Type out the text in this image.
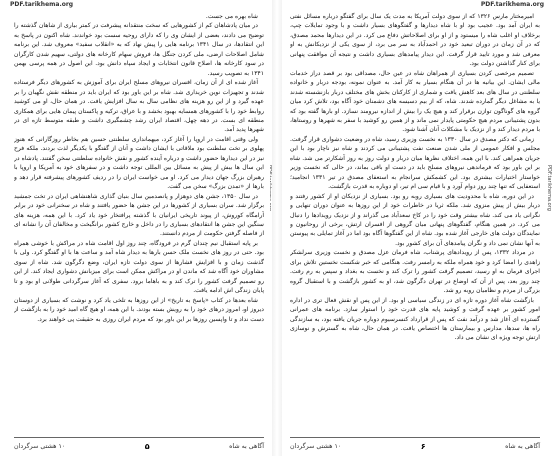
PDF.tarikhema.org

امیرمختار مارس ۱۳۲۶ که از سوی دولت آمریکا به مدت یک سال برای گفتگو درباره مسائل نفتی به ایران آمد بود. عجیب بود او با شاه دیدارها و گفتگوهای بسیار داشت و با وجود تمایلات چپ، برخلاف او اغلب شاه را میستود و از او برای اصلاحاتش دفاع می کرد. در این دیدارها محمد مصدق، که در آن زمان در دوران تبعید خود در احمدآباد به سر می برد، از سوی یکی از نزدیکانش به او معرفی شد و مورد تایید قرار گرفت. این دیدار پیامدهای بسیاری داشت و نتیجه آن موافقت پنهانی برای کنار گذاشتن دولت بود.

تصمیم مرخصی کردن بسیاری از همراهان شاه در عین حال، مصداقی بود بر قصد دراز خدمات مالی ایشان. این بیانیه ها در آن هنگام بسیار به کار آمد. به عنوان نمونه، بودجه دربار و خانواده سلطنتی در سال های بعد کاهش یافت و شماری از کارکنان بخش های مختلف دربار بازنشسته شدند یا به مشاغل دیگر گمارده شدند. شاه، که از بیم دسیسه های دشمنان خود آگاه بود، تلاش کرد میان گروه های گوناگون توازن برقرار کند و هیچ یک را بیش از اندازه نیرومند نسازد. او بارها گفته بود که بدون پشتیبانی مردم هیچ حکومتی پایدار نمی ماند و از همین رو کوشید با سفر به شهرها و روستاها، با مردم دیدار کند و از نزدیک با مشکلات آنان آشنا شود.

زمانی که دکتر مصدق در سال ۱۳۳۰ به نخست وزیری رسید، شاه در وضعیت دشواری قرار گرفت. مجلس و افکار عمومی از ملی شدن صنعت نفت پشتیبانی می کردند و شاه نیز ناچار بود با این جریان همراهی کند. با این همه، اختلاف نظرها میان دربار و دولت روز به روز آشکارتر می شد. شاه بر این باور بود که فرماندهی نیروهای مسلح باید در دست او باقی بماند، در حالی که نخست وزیر خواستار اختیارات بیشتری بود. این کشمکش سرانجام به استعفای مصدق در تیر ۱۳۳۱ انجامید؛ استعفایی که تنها چند روز دوام آورد و با قیام سی ام تیر، او دوباره به قدرت بازگشت.

در این دوره، شاه با محدودیت های بسیاری روبه رو بود. بسیاری از نزدیکان او از کشور رفتند و دربار بیش از پیش منزوی شد. ملکه ثریا در خاطرات خود از این روزها به عنوان دوران تنهایی و نگرانی یاد می کند. شاه بیشتر وقت خود را در کاخ سعدآباد می گذراند و از نزدیک رویدادها را دنبال می کرد. در همین هنگام، گفتگوهای پنهانی میان گروهی از افسران ارتش، برخی از روحانیون و نمایندگان دولت های خارجی آغاز شده بود. شاه از این گفتگوها آگاه بود اما در آغاز تمایلی به پیوستن به آنها نشان نمی داد و نگران پیامدهای آن برای کشور بود.

در مرداد ۱۳۳۲، پس از رویدادهای پرشتاب، شاه فرمان عزل مصدق و نخست وزیری سرلشکر زاهدی را امضا کرد و خود همراه ملکه به رامسر رفت. هنگامی که خبر شکست نخستین تلاش برای اجرای فرمان به او رسید، تصمیم گرفت کشور را ترک کند و نخست به بغداد و سپس به رم رفت. چند روز بعد، پس از آن که اوضاع در تهران دگرگون شد، او به کشور بازگشت و با استقبال گروه بزرگی از مردم و نظامیان روبه رو شد.

بازگشت شاه آغاز دوره تازه ای در زندگی سیاسی او بود. از این پس او نقش فعال تری در اداره امور کشور بر عهده گرفت و کوشید پایه های قدرت خود را استوار سازد. برنامه های عمرانی گسترده ای آغاز شد و درآمد نفت که پس از قرارداد کنسرسیوم دوباره جریان یافته بود، به سازندگی راه ها، سدها، مدارس و بیمارستان ها اختصاص یافت. در همان حال، شاه به گسترش و نوسازی ارتش توجه ویژه ای نشان می داد.

آگاهی به شاه
۶
۱۰ هشتی سرگردان
PDF.tarikhema.org

شاه بهره می جست.

در میان پادشاهان کم از کشورهایی که سخت منتقدانه پیشرفت در کمتر بیاری از شاهان گذشته را توضیح می دادند، بعضی از ایشان وی را که دارای روحیه سست بود خواندند. شاه اکنون در پاسخ به این انتقادها، در سال ۱۳۴۱ برنامه هایی را پیش نهاد که به «انقلاب سفید» معروف شد. این برنامه شامل اصلاحات ارضی، ملی کردن جنگل ها، فروش سهام کارخانه های دولتی، سهیم شدن کارگران در سود کارخانه ها، اصلاح قانون انتخابات و ایجاد سپاه دانش بود. این اصول در همه پرسی بهمن ۱۳۴۱ به تصویب رسید.

آغاز شده ای از آن زمان، افسران نیروهای مسلح ایران برای آموزش به کشورهای دیگر فرستاده شدند و تجهیزات نوین خریداری شد. شاه بر این باور بود که ایران باید در منطقه نقش نگهبان را بر عهده گیرد و از این رو هزینه های نظامی سال به سال افزایش یافت. در همان حال، او می کوشید روابط خود را با کشورهای همسایه بهبود بخشد و با عراق، ترکیه و پاکستان پیمان هایی برای همکاری منطقه ای بست. در دهه چهل، اقتصاد ایران رشد چشمگیری داشت و طبقه متوسط تازه ای در شهرها پدید آمد.

ولی وقتی اقامت در اروپا را آغاز کرد، میهمانداری سلطنتی حسین هم بخاطر روزگارانی که هنوز پهلوی بر تخت سلطنت بود ملاقاتی با ایشان داشت و آنان از گفتگو با یکدیگر لذت بردند. ملکه فرح نیز در این دیدارها حضور داشت و درباره آینده کشور و نقش خانواده سلطنتی سخن گفتند. پادشاه در این سال ها بیش از پیش به مسائل بین المللی توجه داشت و در سفرهای خود به آمریکا و اروپا با رهبران بزرگ جهان دیدار می کرد. او می خواست ایران را در ردیف کشورهای پیشرفته قرار دهد و بارها از «تمدن بزرگ» سخن می گفت.

در سال ۱۳۵۰، جشن های دوهزار و پانصدمین سال بنیان گذاری شاهنشاهی ایران در تخت جمشید برگزار شد. سران بسیاری از کشورها در این جشن ها حضور یافتند و شاه در سخنرانی خود در برابر آرامگاه کوروش، از پیوند تاریخی ایرانیان با گذشته پرافتخار خود یاد کرد. با این همه، هزینه های سنگین این جشن ها انتقادهای بسیاری را در داخل و خارج کشور برانگیخت و مخالفان آن را نشانه ای از فاصله گرفتن حکومت از مردم دانستند.

بر پایه استقبال نیم چندان گرم در فرودگاه، چند روز اول اقامت شاه در مراکش با خوشی همراه بود. حتی در روز های نخست ملک حسن بارها به دیدار شاه آمد و ساعت ها با او گفتگو کرد. ولی با گذشت زمان و با افزایش فشارها از سوی دولت تازه ایران، وضع دگرگون شد. شاه از سوی مشاوران خود آگاه شد که ماندن او در مراکش ممکن است برای میزبانش دشواری ایجاد کند. از این رو تصمیم گرفت کشور را ترک کند و به باهاما برود. سفری که آغاز سرگردانی طولانی او بود و تا پایان زندگی اش ادامه یافت.

شاه بعدها در کتاب «پاسخ به تاریخ» از این روزها به تلخی یاد کرد و نوشت که بسیاری از دوستان دیروز او، امروز درهای خود را به رویش بسته بودند. با این همه، او هیچ گاه امید خود را به بازگشت از دست نداد و تا واپسین روزها بر این باور بود که مردم ایران روزی به حقیقت پی خواهند برد.

آگاهی به شاه
۵
۱۰ هشتی سرگردان
PDF.tarikhema.org
